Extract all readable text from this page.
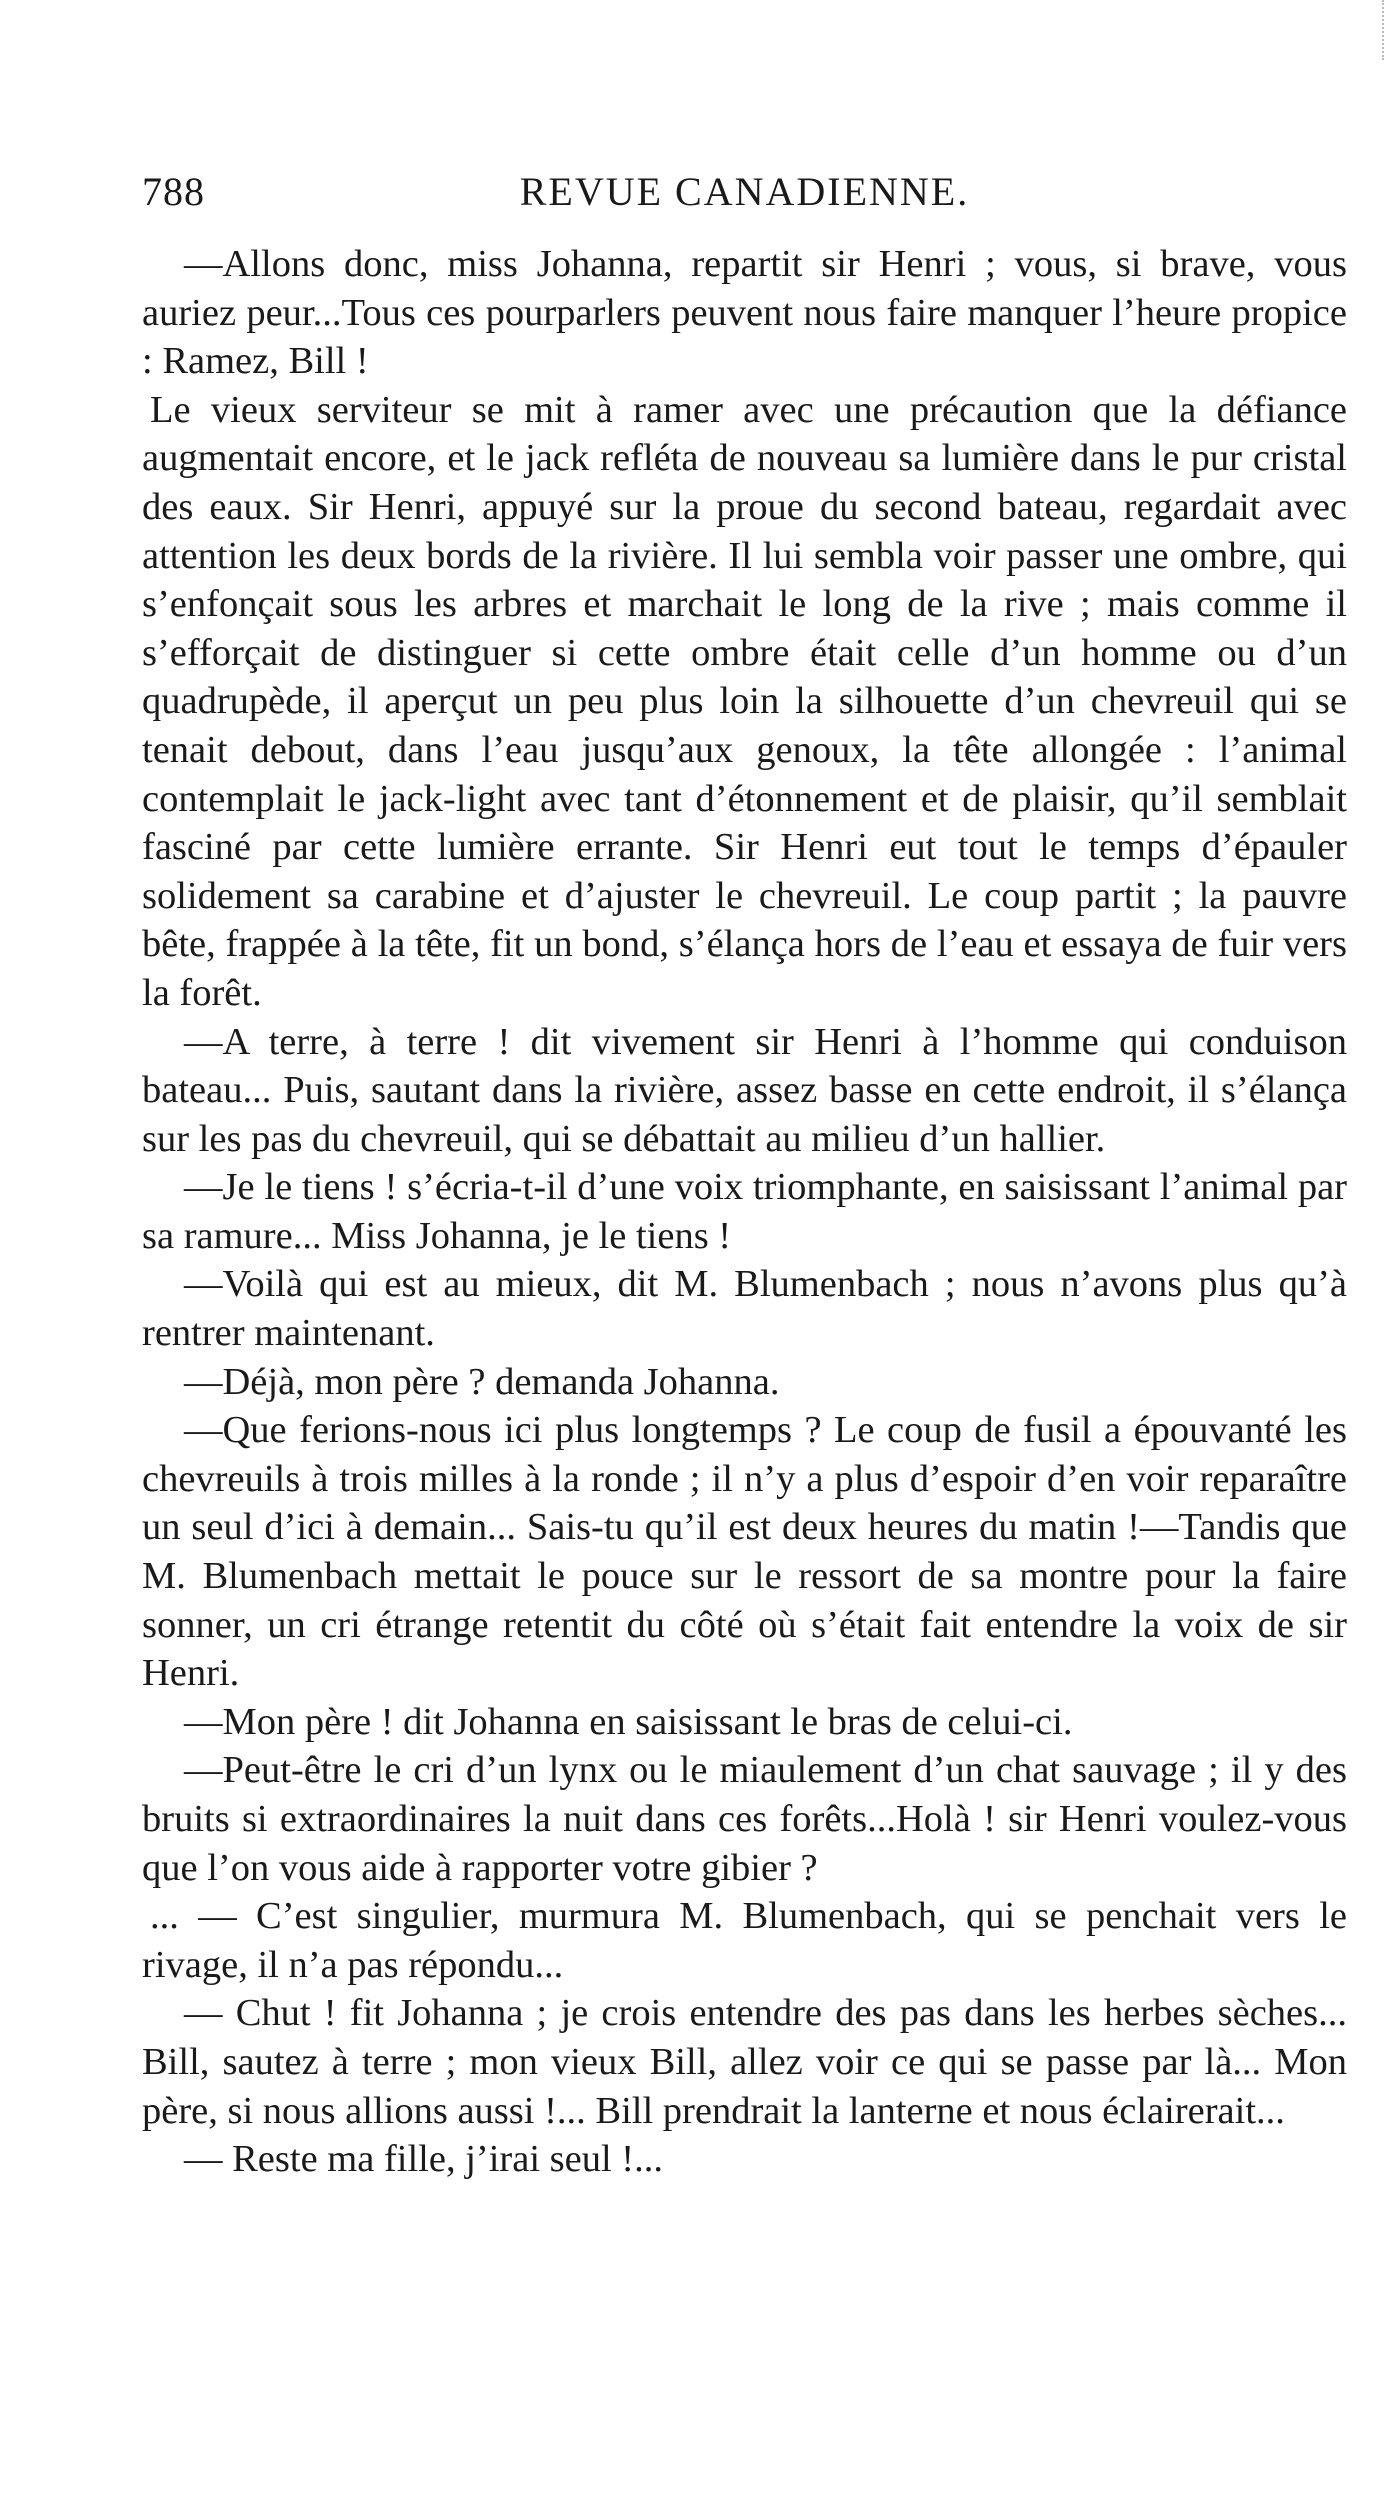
788	REVUE CANADIENNE.

—Allons donc, miss Johanna, repartit sir Henri ; vous, si brave, vous auriez peur...Tous ces pourparlers peuvent nous faire manquer l’heure propice : Ramez, Bill !

Le vieux serviteur se mit à ramer avec une précaution que la défiance augmentait encore, et le jack refléta de nouveau sa lumière dans le pur cristal des eaux. Sir Henri, appuyé sur la proue du second bateau, regardait avec attention les deux bords de la rivière. Il lui sembla voir passer une ombre, qui s’enfonçait sous les arbres et marchait le long de la rive ; mais comme il s’efforçait de distinguer si cette ombre était celle d’un homme ou d’un quadrupède, il aperçut un peu plus loin la silhouette d’un chevreuil qui se tenait debout, dans l’eau jusqu’aux genoux, la tête allongée : l’animal contemplait le jack-light avec tant d’étonnement et de plaisir, qu’il semblait fasciné par cette lumière errante. Sir Henri eut tout le temps d’épauler solidement sa carabine et d’ajuster le chevreuil. Le coup partit ; la pauvre bête, frappée à la tête, fit un bond, s’élança hors de l’eau et essaya de fuir vers la forêt.

—A terre, à terre ! dit vivement sir Henri à l’homme qui conduison bateau... Puis, sautant dans la rivière, assez basse en cette endroit, il s’élança sur les pas du chevreuil, qui se débattait au milieu d’un hallier.

—Je le tiens ! s’écria-t-il d’une voix triomphante, en saisissant l’animal par sa ramure... Miss Johanna, je le tiens !

—Voilà qui est au mieux, dit M. Blumenbach ; nous n’avons plus qu’à rentrer maintenant.

—Déjà, mon père ? demanda Johanna.

—Que ferions-nous ici plus longtemps ? Le coup de fusil a épouvanté les chevreuils à trois milles à la ronde ; il n’y a plus d’espoir d’en voir reparaître un seul d’ici à demain... Sais-tu qu’il est deux heures du matin !—Tandis que M. Blumenbach mettait le pouce sur le ressort de sa montre pour la faire sonner, un cri étrange retentit du côté où s’était fait entendre la voix de sir Henri.

—Mon père ! dit Johanna en saisissant le bras de celui-ci.

—Peut-être le cri d’un lynx ou le miaulement d’un chat sauvage ; il y des bruits si extraordinaires la nuit dans ces forêts...Holà ! sir Henri voulez-vous que l’on vous aide à rapporter votre gibier ?

... — C’est singulier, murmura M. Blumenbach, qui se penchait vers le rivage, il n’a pas répondu...

— Chut ! fit Johanna ; je crois entendre des pas dans les herbes sèches... Bill, sautez à terre ; mon vieux Bill, allez voir ce qui se passe par là... Mon père, si nous allions aussi !... Bill prendrait la lanterne et nous éclairerait...

— Reste ma fille, j’irai seul !...
